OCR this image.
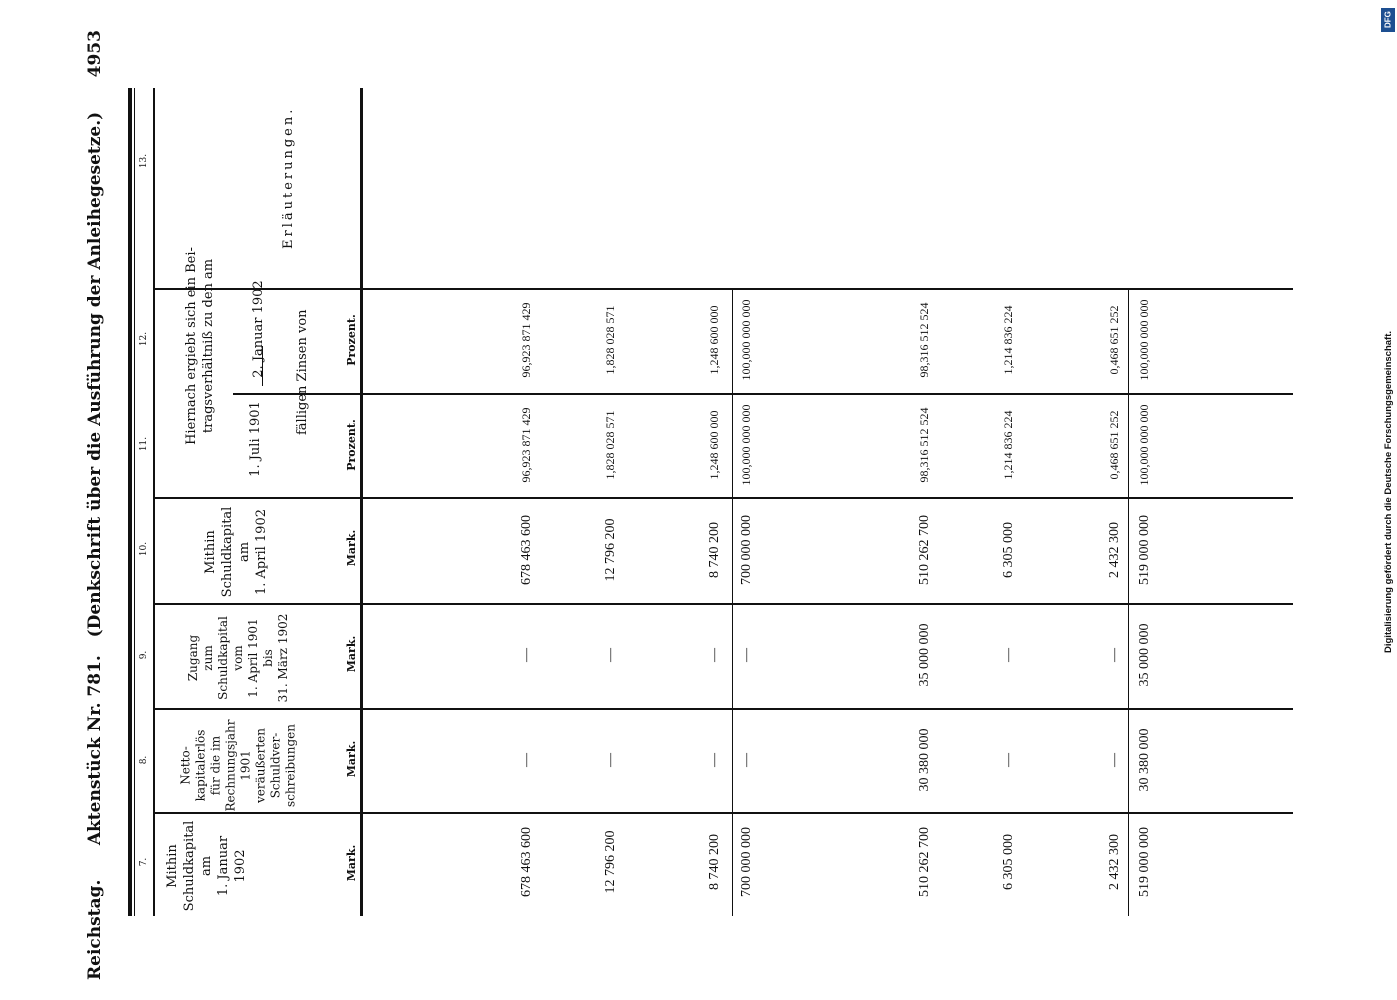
Reichstag.
Aktenstück Nr. 781.   (Denkschrift über die Ausführung der Anleihegesetze.)
4953
Digitalisierung gefördert durch die Deutsche Forschungsgemeinschaft.
DFG
7.
8.
9.
10.
11.
12.
13.
Mithin Schuldkapital am 1. Januar 1902
Netto- kapitalerlös für die im Rechnungsjahr 1901 veräußerten Schuldver- schreibungen
Zugang zum Schuldkapital vom 1. April 1901 bis 31. März 1902
Mithin Schuldkapital am 1. April 1902
Hiernach ergiebt sich ein Bei- tragsverhältniß zu den am
1. Juli 1901
2. Januar 1902 fälligen Zinsen von
Erläuterungen.
Mark.
Mark.
Mark.
Mark.
Prozent.
Prozent.
678 463 600
—
—
678 463 600
96,923 871 429
96,923 871 429
12 796 200
—
—
12 796 200
1,828 028 571
1,828 028 571
8 740 200
—
—
8 740 200
1,248 600 000
1,248 600 000
700 000 000
—
—
700 000 000
100,000 000 000
100,000 000 000
510 262 700
30 380 000
35 000 000
510 262 700
98,316 512 524
98,316 512 524
6 305 000
—
—
6 305 000
1,214 836 224
1,214 836 224
2 432 300
—
—
2 432 300
0,468 651 252
0,468 651 252
519 000 000
30 380 000
35 000 000
519 000 000
100,000 000 000
100,000 000 000
